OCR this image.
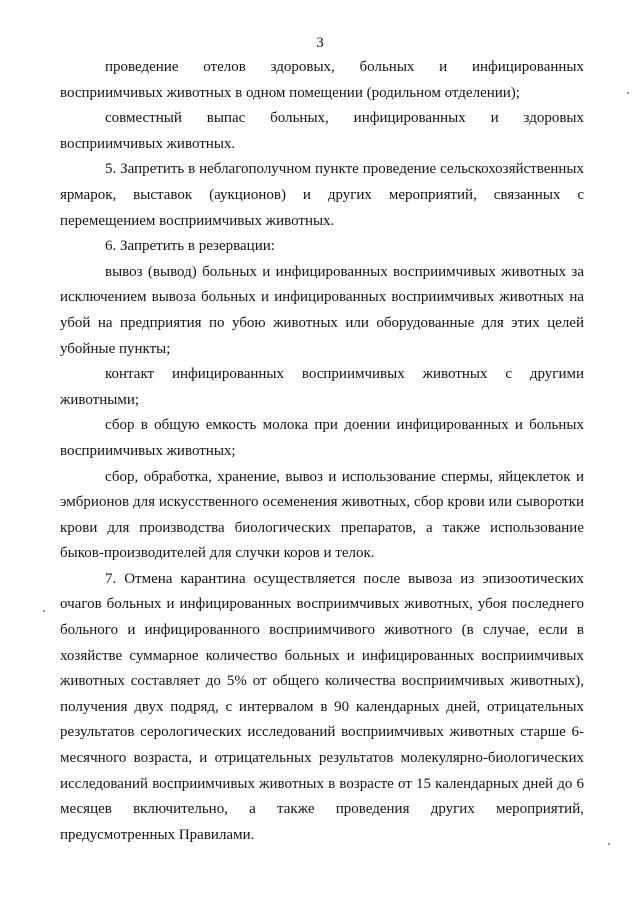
3

проведение отелов здоровых, больных и инфицированных восприимчивых животных в одном помещении (родильном отделении);

совместный выпас больных, инфицированных и здоровых восприимчивых животных.

5. Запретить в неблагополучном пункте проведение сельскохозяйственных ярмарок, выставок (аукционов) и других мероприятий, связанных с перемещением восприимчивых животных.

6. Запретить в резервации:

вывоз (вывод) больных и инфицированных восприимчивых животных за исключением вывоза больных и инфицированных восприимчивых животных на убой на предприятия по убою животных или оборудованные для этих целей убойные пункты;

контакт инфицированных восприимчивых животных с другими животными;

сбор в общую емкость молока при доении инфицированных и больных восприимчивых животных;

сбор, обработка, хранение, вывоз и использование спермы, яйцеклеток и эмбрионов для искусственного осеменения животных, сбор крови или сыворотки крови для производства биологических препаратов, а также использование быков-производителей для случки коров и телок.

7. Отмена карантина осуществляется после вывоза из эпизоотических очагов больных и инфицированных восприимчивых животных, убоя последнего больного и инфицированного восприимчивого животного (в случае, если в хозяйстве суммарное количество больных и инфицированных восприимчивых животных составляет до 5% от общего количества восприимчивых животных), получения двух подряд, с интервалом в 90 календарных дней, отрицательных результатов серологических исследований восприимчивых животных старше 6-месячного возраста, и отрицательных результатов молекулярно-биологических исследований восприимчивых животных в возрасте от 15 календарных дней до 6 месяцев включительно, а также проведения других мероприятий, предусмотренных Правилами.
